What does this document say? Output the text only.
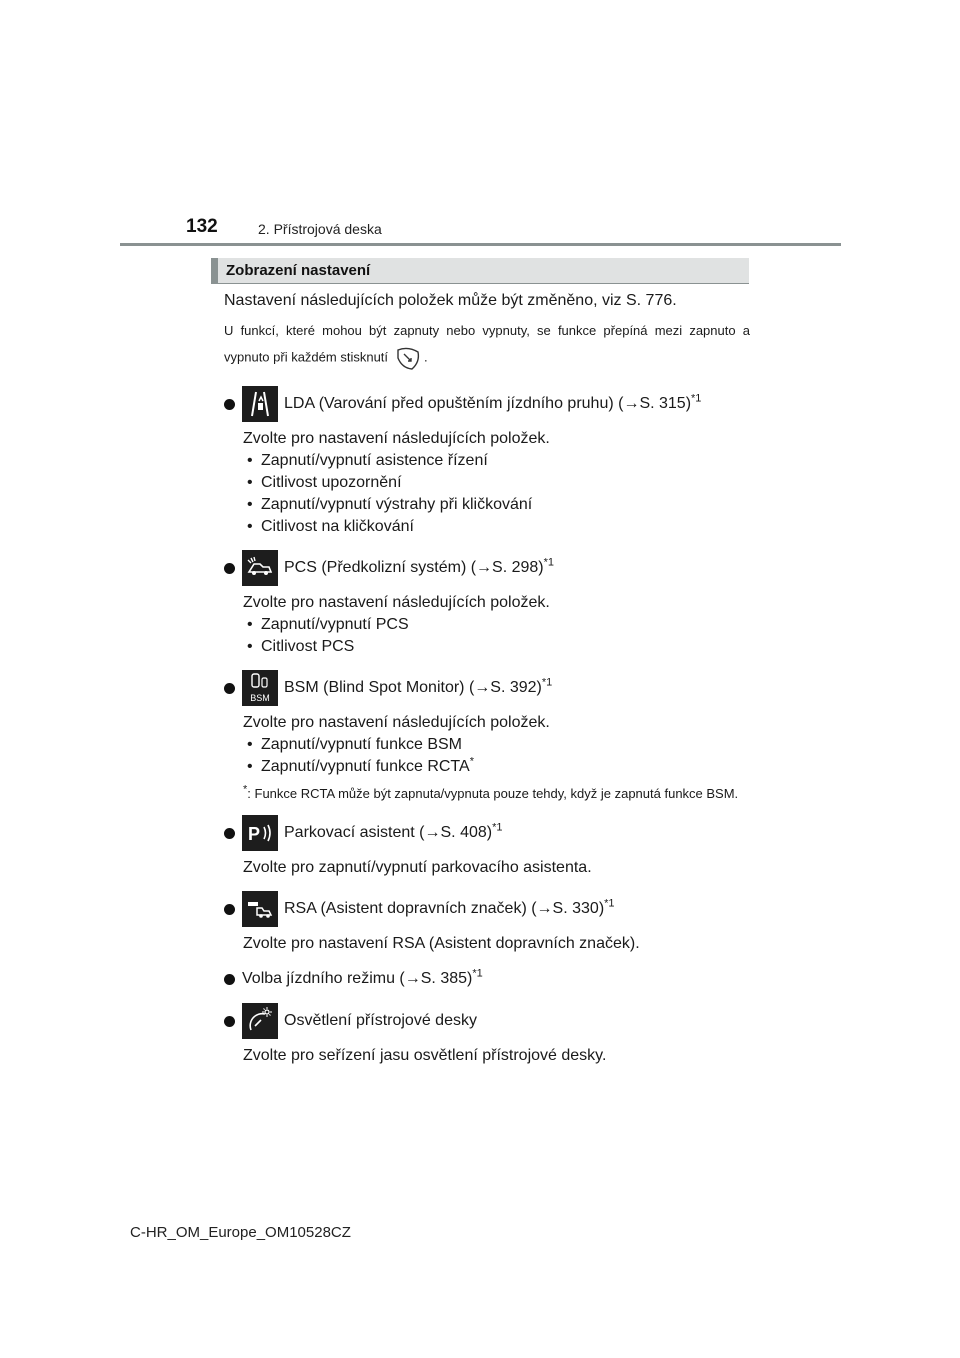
132	2. Přístrojová deska
Zobrazení nastavení

Nastavení následujících položek může být změněno, viz S. 776.

U funkcí, které mohou být zapnuty nebo vypnuty, se funkce přepíná mezi zapnuto a vypnuto při každém stisknutí	.

LDA (Varování před opuštěním jízdního pruhu) (→S. 315)$^{*1}$

Zvolte pro nastavení následujících položek.

• Zapnutí/vypnutí asistence řízení
• Citlivost upozornění
• Zapnutí/vypnutí výstrahy při kličkování
• Citlivost na kličkování
PCS (Předkolizní systém) (→S. 298)$^{*1}$

Zvolte pro nastavení následujících položek.

• Zapnutí/vypnutí PCS
• Citlivost PCS
BSM
BSM (Blind Spot Monitor) (→S. 392)$^{*1}$

Zvolte pro nastavení následujících položek.

• Zapnutí/vypnutí funkce BSM
• Zapnutí/vypnutí funkce RCTA*

*: Funkce RCTA může být zapnuta/vypnuta pouze tehdy, když je zapnutá funkce BSM.

P Parkovací asistent (→S. 408)$^{*1}$

Zvolte pro zapnutí/vypnutí parkovacího asistenta.

RSA (Asistent dopravních značek) (→S. 330)$^{*1}$

Zvolte pro nastavení RSA (Asistent dopravních značek).

Volba jízdního režimu (→S. 385)$^{*1}$
Osvětlení přístrojové desky

Zvolte pro seřízení jasu osvětlení přístrojové desky.

C-HR_OM_Europe_OM10528CZ
